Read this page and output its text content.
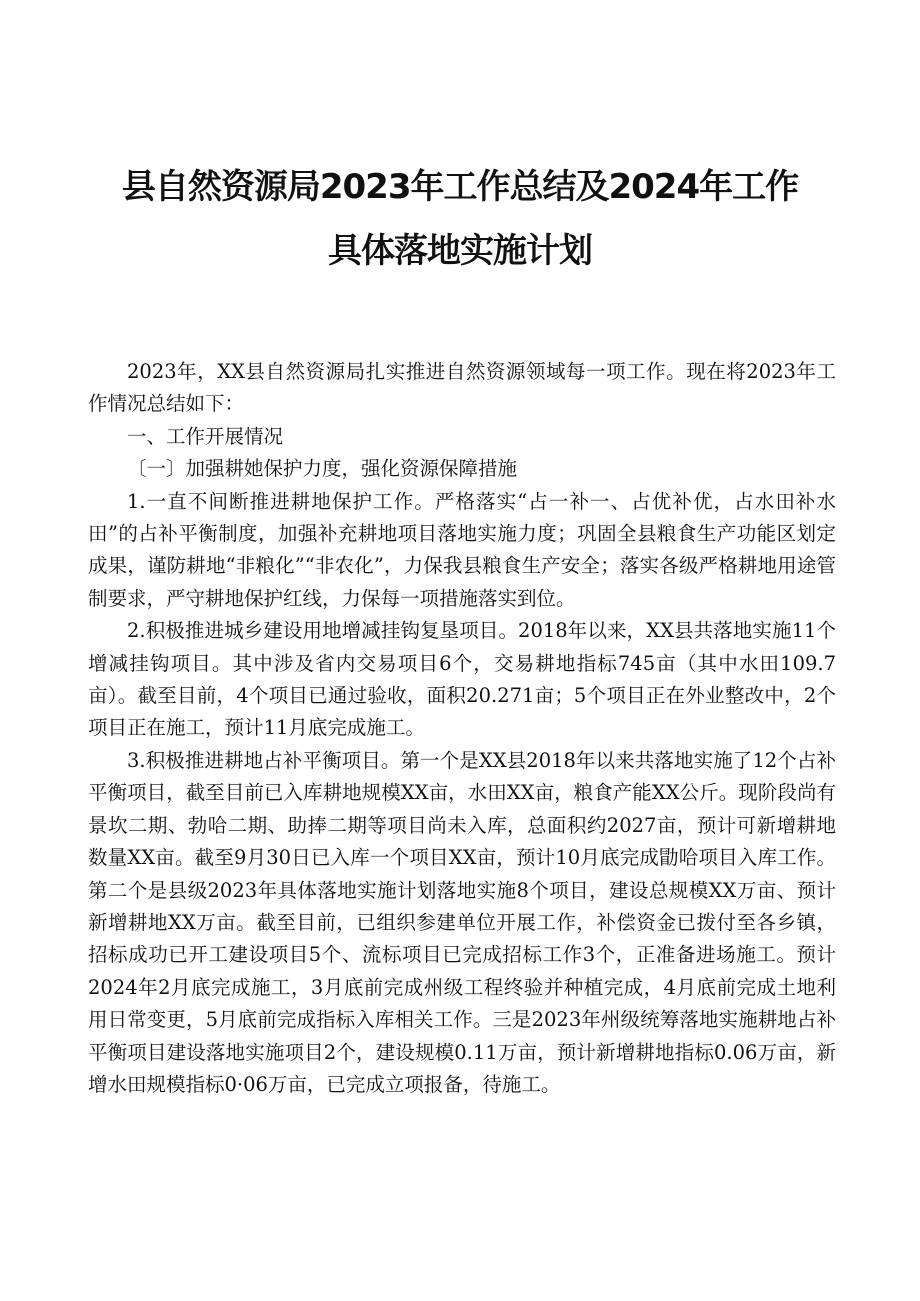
县自然资源局2023年工作总结及2024年工作
具体落地实施计划

2023年，XX县自然资源局扎实推进自然资源领域每一项工作。现在将2023年工作情况总结如下：

一、工作开展情况

〔一〕加强耕她保护力度，强化资源保障措施

1.一直不间断推进耕地保护工作。严格落实“占一补一、占优补优，占水田补水田”的占补平衡制度，加强补充耕地项目落地实施力度；巩固全县粮食生产功能区划定成果，谨防耕地“非粮化”“非农化”，力保我县粮食生产安全；落实各级严格耕地用途管制要求，严守耕地保护红线，力保每一项措施落实到位。

2.积极推进城乡建设用地增减挂钩复垦项目。2018年以来，XX县共落地实施11个增减挂钩项目。其中涉及省内交易项目6个，交易耕地指标745亩（其中水田109.7亩）。截至目前，4个项目已通过验收，面积20.271亩；5个项目正在外业整改中，2个项目正在施工，预计11月底完成施工。

3.积极推进耕地占补平衡项目。第一个是XX县2018年以来共落地实施了12个占补平衡项目，截至目前已入库耕地规模XX亩，水田XX亩，粮食产能XX公斤。现阶段尚有景坎二期、勃哈二期、助捧二期等项目尚未入库，总面积约2027亩，预计可新增耕地数量XX亩。截至9月30日已入库一个项目XX亩，预计10月底完成勖哈项目入库工作。第二个是县级2023年具体落地实施计划落地实施8个项目，建设总规模XX万亩、预计新增耕地XX万亩。截至目前，已组织参建单位开展工作，补偿资金已拨付至各乡镇，招标成功已开工建设项目5个、流标项目已完成招标工作3个，正准备进场施工。预计2024年2月底完成施工，3月底前完成州级工程终验并种植完成，4月底前完成土地利用日常变更，5月底前完成指标入库相关工作。三是2023年州级统筹落地实施耕地占补平衡项目建设落地实施项目2个，建设规模0.11万亩，预计新增耕地指标0.06万亩，新增水田规模指标0·06万亩，已完成立项报备，待施工。
